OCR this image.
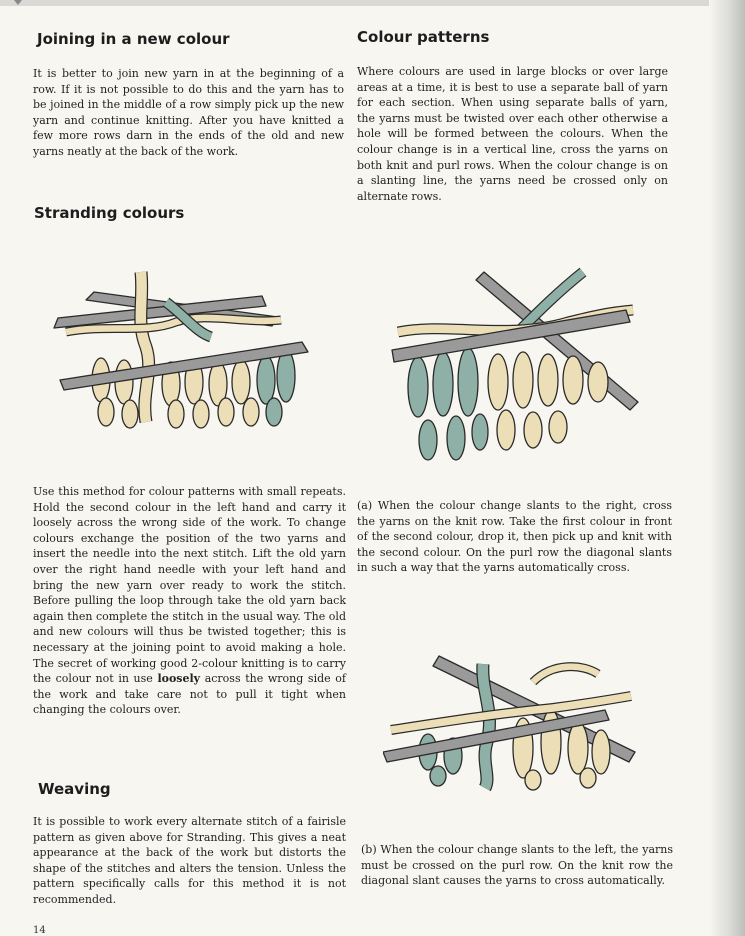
Joining in a new colour

It is better to join new yarn in at the beginning of a row. If it is not possible to do this and the yarn has to be joined in the middle of a row simply pick up the new yarn and continue knitting. After you have knitted a few more rows darn in the ends of the old and new yarns neatly at the back of the work.

Stranding colours

Use this method for colour patterns with small repeats. Hold the second colour in the left hand and carry it loosely across the wrong side of the work. To change colours exchange the position of the two yarns and insert the needle into the next stitch. Lift the old yarn over the right hand needle with your left hand and bring the new yarn over ready to work the stitch. Before pulling the loop through take the old yarn back again then complete the stitch in the usual way. The old and new colours will thus be twisted together; this is necessary at the joining point to avoid making a hole. The secret of working good 2-colour knitting is to carry the colour not in use loosely across the wrong side of the work and take care not to pull it tight when changing the colours over.

Weaving

It is possible to work every alternate stitch of a fairisle pattern as given above for Stranding. This gives a neat appearance at the back of the work but distorts the shape of the stitches and alters the tension. Unless the pattern specifically calls for this method it is not recommended.

14
Colour patterns

Where colours are used in large blocks or over large areas at a time, it is best to use a separate ball of yarn for each section. When using separate balls of yarn, the yarns must be twisted over each other otherwise a hole will be formed between the colours. When the colour change is in a vertical line, cross the yarns on both knit and purl rows. When the colour change is on a slanting line, the yarns need be crossed only on alternate rows.

(a) When the colour change slants to the right, cross the yarns on the knit row. Take the first colour in front of the second colour, drop it, then pick up and knit with the second colour. On the purl row the diagonal slants in such a way that the yarns automatically cross.

(b) When the colour change slants to the left, the yarns must be crossed on the purl row. On the knit row the diagonal slant causes the yarns to cross automatically.
